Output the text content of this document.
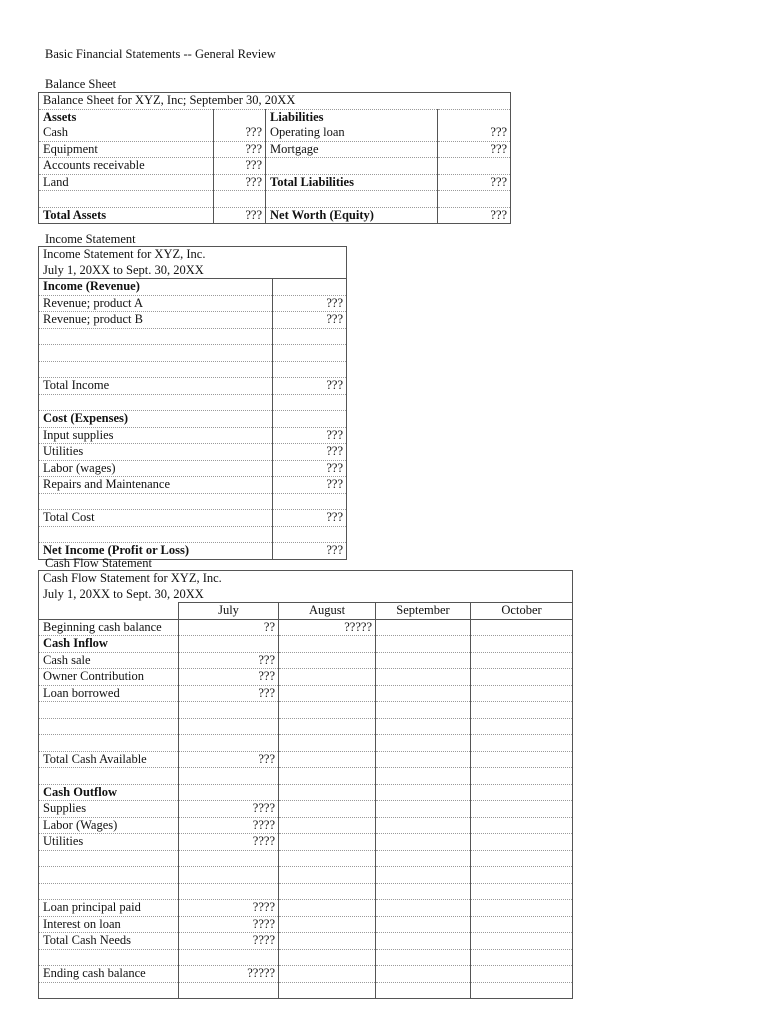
Basic Financial Statements -- General Review
Balance Sheet
Balance Sheet for XYZ, Inc; September 30, 20XX			
Assets		Liabilities	
Cash	???	Operating loan	???
Equipment	???	Mortgage	???
Accounts receivable	???		
Land	???	Total Liabilities	???

Total Assets	???	Net Worth (Equity)	???
Income Statement
Income Statement for XYZ, Inc.	
July 1, 20XX to Sept. 30, 20XX	
Income (Revenue)	
Revenue; product A	???
Revenue; product B	???

Total Income	???

Cost (Expenses)	
Input supplies	???
Utilities	???
Labor (wages)	???
Repairs and Maintenance	???

Total Cost	???

Net Income (Profit or Loss)	???
Cash Flow Statement
Cash Flow Statement for XYZ, Inc.				
July 1, 20XX to Sept. 30, 20XX				
	July	August	September	October
Beginning cash balance	??	?????		
Cash Inflow				
Cash sale	???			
Owner Contribution	???			
Loan borrowed	???			

Total Cash Available	???			

Cash Outflow				
Supplies	????			
Labor (Wages)	????			
Utilities	????			

Loan principal paid	????			
Interest on loan	????			
Total Cash Needs	????			

Ending cash balance	?????			
